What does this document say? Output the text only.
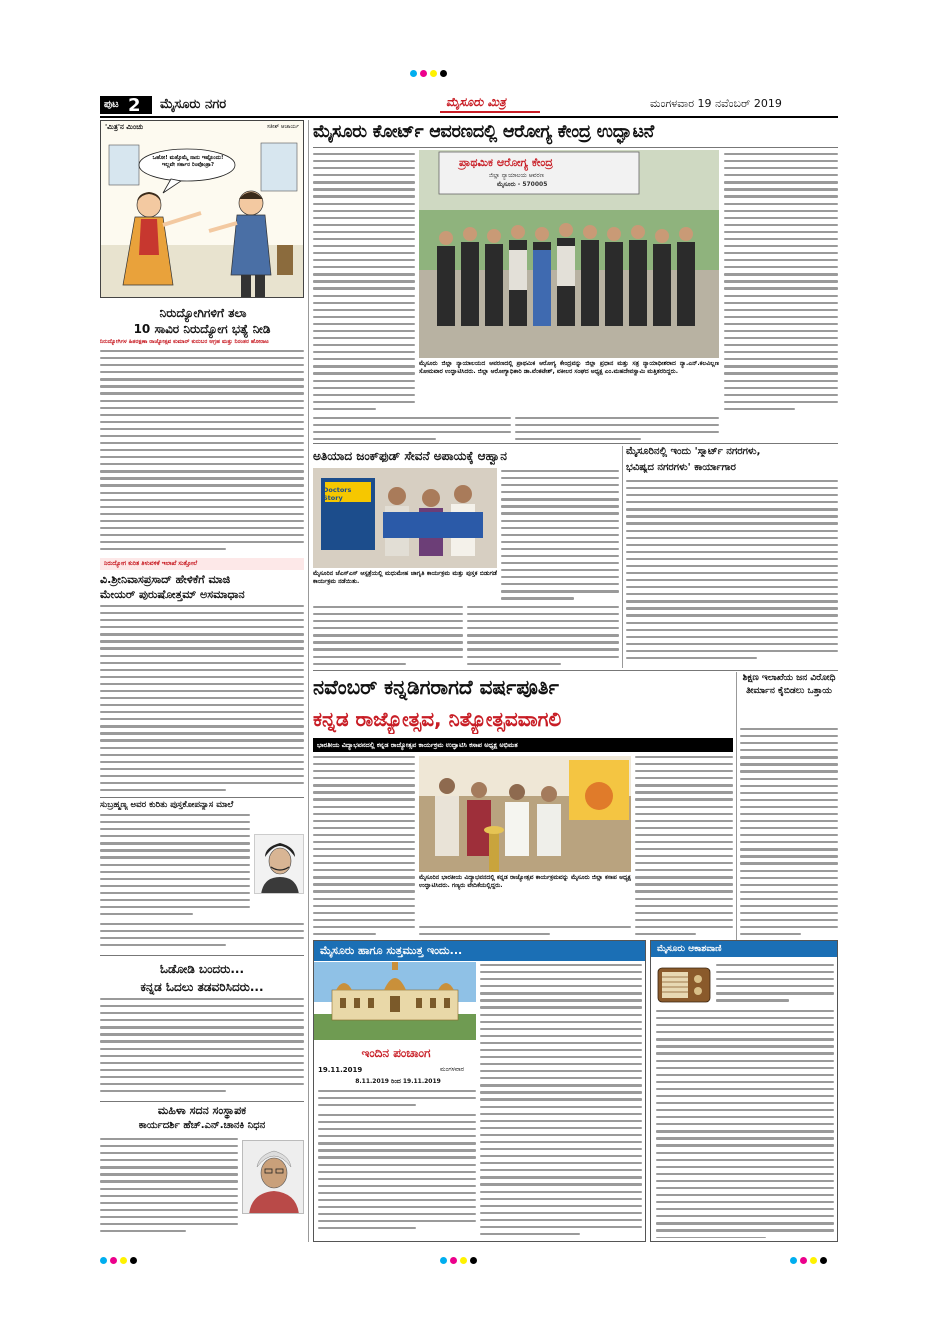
ಪುಟ 2 ಮೈಸೂರು ನಗರ	ಮೈಸೂರು ಮಿತ್ರ	ಮಂಗಳವಾರ 19 ನವೆಂಬರ್ 2019
'ಮಿತ್ರ'ನ ಮಿಂಚು	ಸತೀಶ್ ಆಚಾರ್ಯ
ಒಹೋ! ಮತ್ತೊಮ್ಮೆ ನಾನು ಇಷ್ಟೊಂದು! ಇಲ್ಲವೇ ಸರ್ಕಾರ ರಿಂಪೊಂತ್ರಾ?
ನಿರುದ್ಯೋಗಿಗಳಿಗೆ ತಲಾ
10 ಸಾವಿರ ನಿರುದ್ಯೋಗ ಭತ್ಯೆ ನೀಡಿ
ನಿರುದ್ಯೋಗಿಗಳ ಹಿತರಕ್ಷಣಾ ರಾಜ್ಯೋತ್ಸವ ಕುಮಾರ್ ಕುರುಬರ ಆಗ್ರಹ ಮತ್ತು ನಿರಂತರ ಹೋರಾಟ
ನಿರುದ್ಯೋಗ ಕುರಿತ ತಿಳುವಳಿಕೆ ಇಲಾಖೆ ಸುತ್ತೋಲೆ
ವಿ.ಶ್ರೀನಿವಾಸಪ್ರಸಾದ್ ಹೇಳಿಕೆಗೆ ಮಾಜಿ
ಮೇಯರ್ ಪುರುಷೋತ್ತಮ್ ಅಸಮಾಧಾನ
ಸುಬ್ರಹ್ಮಣ್ಯ ಅವರ ಕುರಿತು ಪುಸ್ತಕೋಪನ್ಯಾಸ ಮಾಲೆ
ಓಡೋಡಿ ಬಂದರು...
ಕನ್ನಡ ಓದಲು ತಡವರಿಸಿದರು...
ಮಹಿಳಾ ಸದನ ಸಂಸ್ಥಾಪಕ
ಕಾರ್ಯದರ್ಶಿ ಹೆಚ್.ಎನ್.ಚಾನಕಿ ನಿಧನ
ಮೈಸೂರು ಕೋರ್ಟ್ ಆವರಣದಲ್ಲಿ ಆರೋಗ್ಯ ಕೇಂದ್ರ ಉದ್ಘಾಟನೆ
ಪ್ರಾಥಮಿಕ ಆರೋಗ್ಯ ಕೇಂದ್ರ
ಜಿಲ್ಲಾ ನ್ಯಾಯಾಲಯ ಆವರಣ
ಮೈಸೂರು - 570005
ಮೈಸೂರು ಜಿಲ್ಲಾ ನ್ಯಾಯಾಲಯದ ಆವರಣದಲ್ಲಿ ಪ್ರಾಥಮಿಕ ಆರೋಗ್ಯ ಕೇಂದ್ರವನ್ನು ಜಿಲ್ಲಾ ಪ್ರಧಾನ ಮತ್ತು ಸತ್ರ ನ್ಯಾಯಾಧೀಶರಾದ ನ್ಯಾ.ಎನ್.ಕಲವಿಲ್ಲಣ ಸೋಮವಾರ ಉದ್ಘಾಟಿಸಿದರು. ಜಿಲ್ಲಾ ಆರೋಗ್ಯಾಧಿಕಾರಿ ಡಾ.ವೆಂಕಟೇಶ್, ವಕೀಲರ ಸಂಘದ ಅಧ್ಯಕ್ಷ ಎಂ.ಮಹದೇವಸ್ವಾಮಿ ಮತ್ತಿತರರಿದ್ದರು.
ಅತಿಯಾದ ಜಂಕ್‌ಫುಡ್ ಸೇವನೆ ಅಪಾಯಕ್ಕೆ ಆಹ್ವಾನ
Doctors Story
ಮೈಸೂರಿನ ಜೆಎಸ್‌ಎಸ್ ಆಸ್ಪತ್ರೆಯಲ್ಲಿ ಮಧುಮೇಹ ಜಾಗೃತಿ ಕಾರ್ಯಕ್ರಮ ಮತ್ತು ಪುಸ್ತಕ ಬಿಡುಗಡೆ ಕಾರ್ಯಕ್ರಮ ನಡೆಯಿತು.
ಮೈಸೂರಿನಲ್ಲಿ ಇಂದು 'ಸ್ಮಾರ್ಟ್ ನಗರಗಳು,
ಭವಿಷ್ಯದ ನಗರಗಳು' ಕಾರ್ಯಾಗಾರ
ನವೆಂಬರ್ ಕನ್ನಡಿಗರಾಗದೆ ವರ್ಷಪೂರ್ತಿ
ಕನ್ನಡ ರಾಜ್ಯೋತ್ಸವ, ನಿತ್ಯೋತ್ಸವವಾಗಲಿ
ಭಾರತೀಯ ವಿದ್ಯಾಭವನದಲ್ಲಿ ಕನ್ನಡ ರಾಜ್ಯೋತ್ಸವ ಕಾರ್ಯಕ್ರಮ ಉದ್ಘಾಟಿಸಿ ಕಸಾಪ ಅಧ್ಯಕ್ಷ ಅಭಿಮತ
ಮೈಸೂರಿನ ಭಾರತೀಯ ವಿದ್ಯಾಭವನದಲ್ಲಿ ಕನ್ನಡ ರಾಜ್ಯೋತ್ಸವ ಕಾರ್ಯಕ್ರಮವನ್ನು ಮೈಸೂರು ಜಿಲ್ಲಾ ಕಸಾಪ ಅಧ್ಯಕ್ಷ ಉದ್ಘಾಟಿಸಿದರು. ಗಣ್ಯರು ವೇದಿಕೆಯಲ್ಲಿದ್ದರು.
ಶಿಕ್ಷಣ ಇಲಾಖೆಯ ಜನ ವಿರೋಧಿ ತೀರ್ಮಾನ ಕೈಬಿಡಲು ಒತ್ತಾಯ
ಮೈಸೂರು ಹಾಗೂ ಸುತ್ತಮುತ್ತ ಇಂದು...
ಇಂದಿನ ಪಂಚಾಂಗ
19.11.2019	ಮಂಗಳವಾರ
8.11.2019 ರಿಂದ 19.11.2019
ಮೈಸೂರು ಆಕಾಶವಾಣಿ
